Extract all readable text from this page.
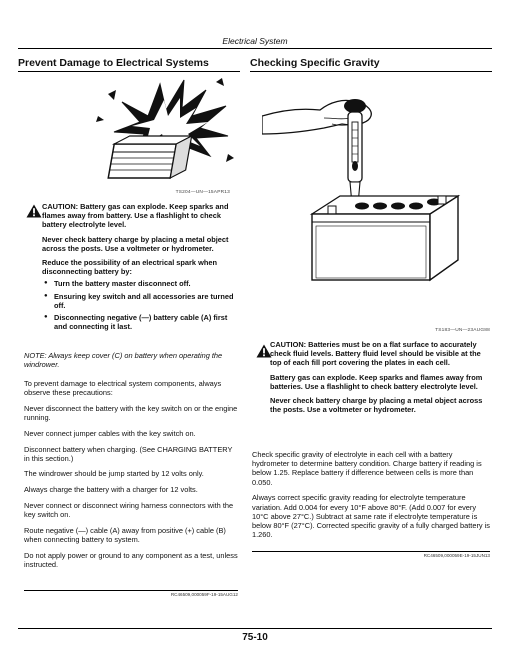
Electrical System
Prevent Damage to Electrical Systems
TS204—UN—15APR13

CAUTION: Battery gas can explode. Keep sparks and flames away from battery. Use a flashlight to check battery electrolyte level.

Never check battery charge by placing a metal object across the posts. Use a voltmeter or hydrometer.

Reduce the possibility of an electrical spark when disconnecting battery by:

● Turn the battery master disconnect off.
● Ensuring key switch and all accessories are turned off.
● Disconnecting negative (—) battery cable (A) first and connecting it last.
NOTE: Always keep cover (C) on battery when operating the windrower.

To prevent damage to electrical system components, always observe these precautions:

Never disconnect the battery with the key switch on or the engine running.

Never connect jumper cables with the key switch on.

Disconnect battery when charging. (See CHARGING BATTERY in this section.)

The windrower should be jump started by 12 volts only.

Always charge the battery with a charger for 12 volts.

Never connect or disconnect wiring harness connectors with the key switch on.

Route negative (—) cable (A) away from positive (+) cable (B) when connecting battery to system.

Do not apply power or ground to any component as a test, unless instructed.

RC46509,000059F-19-15AUG12
Checking Specific Gravity
TS183—UN—23AUG88

CAUTION: Batteries must be on a flat surface to accurately check fluid levels. Battery fluid level should be visible at the top of each fill port covering the plates in each cell.

Battery gas can explode. Keep sparks and flames away from batteries. Use a flashlight to check battery electrolyte level.

Never check battery charge by placing a metal object across the posts. Use a voltmeter or hydrometer.

Check specific gravity of electrolyte in each cell with a battery hydrometer to determine battery condition. Charge battery if reading is below 1.25. Replace battery if difference between cells is more than 0.050.

Always correct specific gravity reading for electrolyte temperature variation. Add 0.004 for every 10°F above 80°F. (Add 0.007 for every 10°C above 27°C.) Subtract at same rate if electrolyte temperature is below 80°F (27°C). Corrected specific gravity of a fully charged battery is 1.260.

RC46509,000059E-19-15JUN13
75-10
